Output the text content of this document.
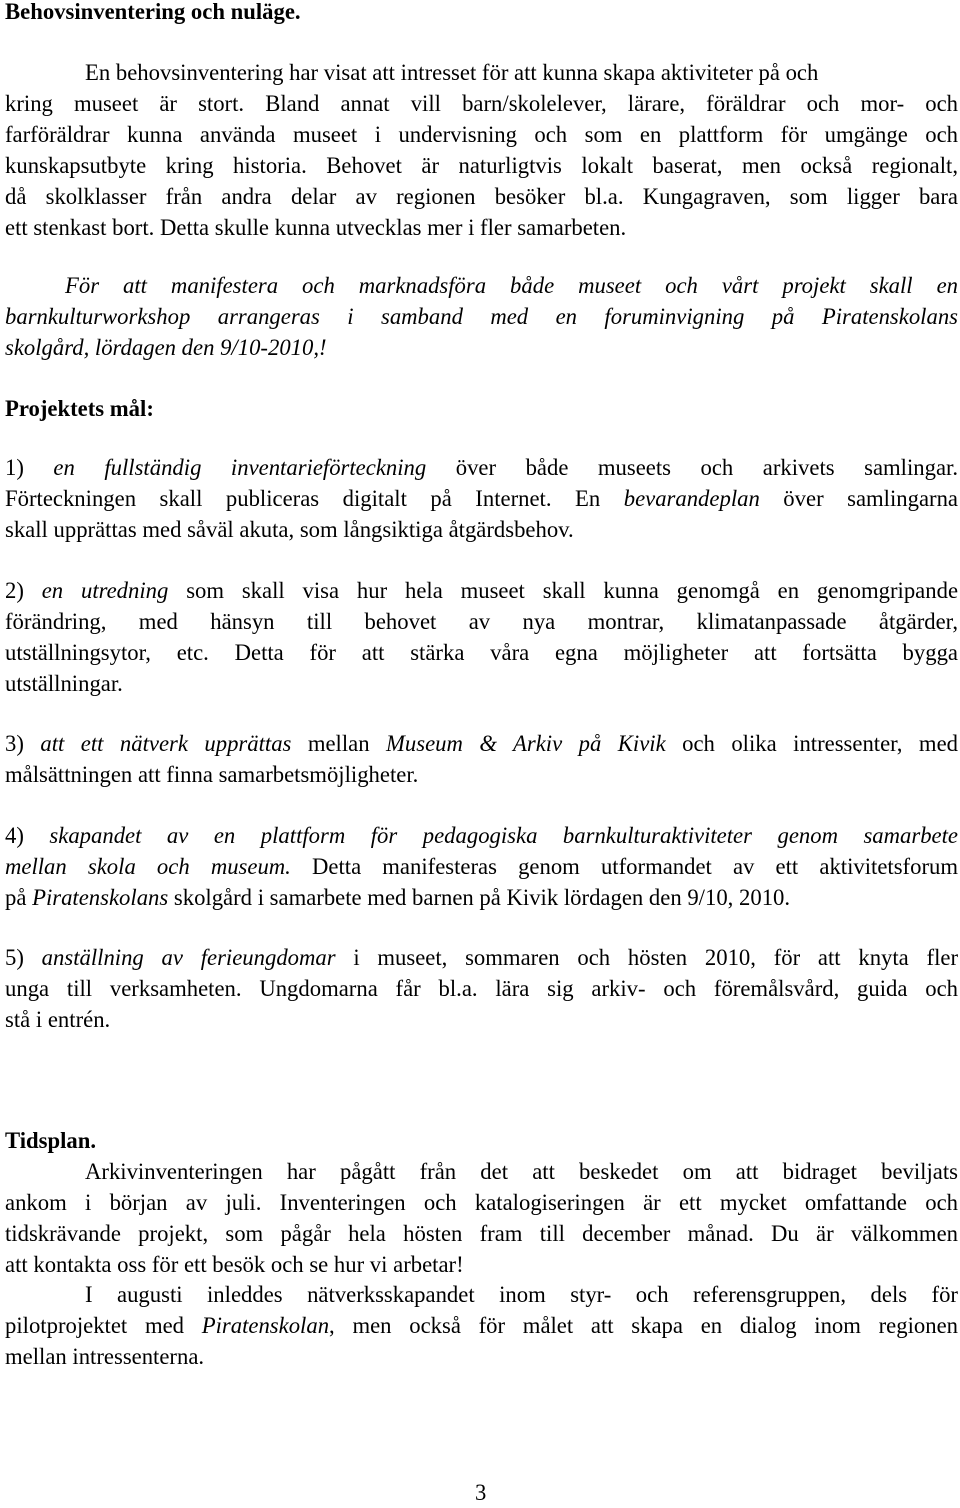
Behovsinventering och nuläge.
En behovsinventering har visat att intresset för att kunna skapa aktiviteter på och
kring museet är stort. Bland annat vill barn/skolelever, lärare, föräldrar och mor- och
farföräldrar kunna använda museet i undervisning och som en plattform för umgänge och
kunskapsutbyte kring historia. Behovet är naturligtvis lokalt baserat, men också regionalt,
då skolklasser från andra delar av regionen besöker bl.a. Kungagraven, som ligger bara
ett stenkast bort. Detta skulle kunna utvecklas mer i fler samarbeten.
För att manifestera och marknadsföra både museet och vårt projekt skall en
barnkulturworkshop arrangeras i samband med en foruminvigning på Piratenskolans
skolgård, lördagen den 9/10-2010,!
Projektets mål:
1) en fullständig inventarieförteckning över både museets och arkivets samlingar.
Förteckningen skall publiceras digitalt på Internet. En bevarandeplan över samlingarna
skall upprättas med såväl akuta, som långsiktiga åtgärdsbehov.
2) en utredning som skall visa hur hela museet skall kunna genomgå en genomgripande
förändring, med hänsyn till behovet av nya montrar, klimatanpassade åtgärder,
utställningsytor, etc. Detta för att stärka våra egna möjligheter att fortsätta bygga
utställningar.
3) att ett nätverk upprättas mellan Museum & Arkiv på Kivik och olika intressenter, med
målsättningen att finna samarbetsmöjligheter.
4) skapandet av en plattform för pedagogiska barnkulturaktiviteter genom samarbete
mellan skola och museum. Detta manifesteras genom utformandet av ett aktivitetsforum
på Piratenskolans skolgård i samarbete med barnen på Kivik lördagen den 9/10, 2010.
5) anställning av ferieungdomar i museet, sommaren och hösten 2010, för att knyta fler
unga till verksamheten. Ungdomarna får bl.a. lära sig arkiv- och föremålsvård, guida och
stå i entrén.
Tidsplan.
Arkivinventeringen har pågått från det att beskedet om att bidraget beviljats
ankom i början av juli. Inventeringen och katalogiseringen är ett mycket omfattande och
tidskrävande projekt, som pågår hela hösten fram till december månad. Du är välkommen
att kontakta oss för ett besök och se hur vi arbetar!
I augusti inleddes nätverksskapandet inom styr- och referensgruppen, dels för
pilotprojektet med Piratenskolan, men också för målet att skapa en dialog inom regionen
mellan intressenterna.
3
